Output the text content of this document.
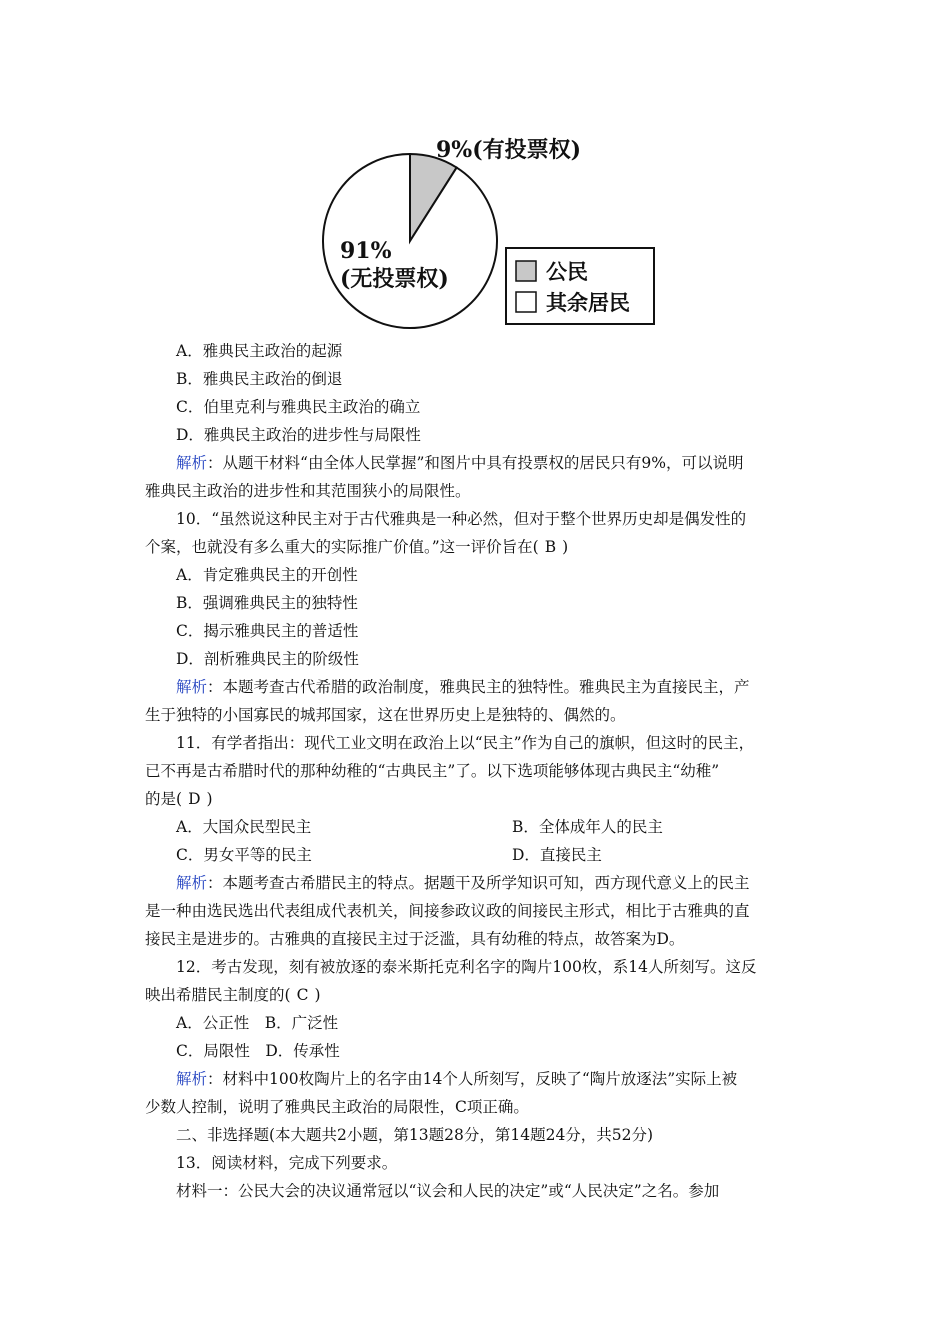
9%(有投票权)
91%
(无投票权)	公民
其余居民
A．雅典民主政治的起源
B．雅典民主政治的倒退
C．伯里克利与雅典民主政治的确立
D．雅典民主政治的进步性与局限性
解析：从题干材料“由全体人民掌握”和图片中具有投票权的居民只有9%，可以说明
雅典民主政治的进步性和其范围狭小的局限性。
10．“虽然说这种民主对于古代雅典是一种必然，但对于整个世界历史却是偶发性的
个案，也就没有多么重大的实际推广价值。”这一评价旨在( B )
A．肯定雅典民主的开创性
B．强调雅典民主的独特性
C．揭示雅典民主的普适性
D．剖析雅典民主的阶级性
解析：本题考查古代希腊的政治制度，雅典民主的独特性。雅典民主为直接民主，产
生于独特的小国寡民的城邦国家，这在世界历史上是独特的、偶然的。
11．有学者指出：现代工业文明在政治上以“民主”作为自己的旗帜，但这时的民主，
已不再是古希腊时代的那种幼稚的“古典民主”了。以下选项能够体现古典民主“幼稚”
的是( D )
A．大国众民型民主	B．全体成年人的民主
C．男女平等的民主	D．直接民主
解析：本题考查古希腊民主的特点。据题干及所学知识可知，西方现代意义上的民主
是一种由选民选出代表组成代表机关，间接参政议政的间接民主形式，相比于古雅典的直
接民主是进步的。古雅典的直接民主过于泛滥，具有幼稚的特点，故答案为D。
12．考古发现，刻有被放逐的泰米斯托克利名字的陶片100枚，系14人所刻写。这反
映出希腊民主制度的( C )
A．公正性　B．广泛性
C．局限性　D．传承性
解析：材料中100枚陶片上的名字由14个人所刻写，反映了“陶片放逐法”实际上被
少数人控制，说明了雅典民主政治的局限性，C项正确。
二、非选择题(本大题共2小题，第13题28分，第14题24分，共52分)
13．阅读材料，完成下列要求。
材料一：公民大会的决议通常冠以“议会和人民的决定”或“人民决定”之名。参加
